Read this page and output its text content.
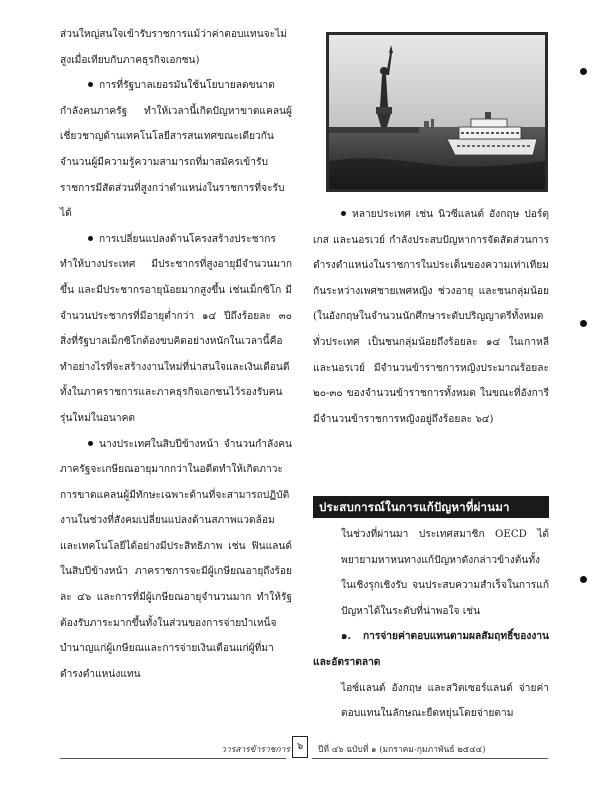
ส่วนใหญ่สนใจเข้ารับราชการแม้ว่าค่าตอบแทนจะไม่สูงเมื่อเทียบกับภาคธุรกิจเอกชน)

การที่รัฐบาลเยอรมันใช้นโยบายลดขนาดกำลังคนภาครัฐ ทำให้เวลานี้เกิดปัญหาขาดแคลนผู้เชี่ยวชาญด้านเทคโนโลยีสารสนเทศขณะเดียวกัน จำนวนผู้มีความรู้ความสามารถที่มาสมัครเข้ารับราชการมีสัดส่วนที่สูงกว่าตำแหน่งในราชการที่จะรับได้

การเปลี่ยนแปลงด้านโครงสร้างประชากรทำให้บางประเทศ มีประชากรที่สูงอายุมีจำนวนมากขึ้น และมีประชากรอายุน้อยมากสูงขึ้น เช่นเม็กซิโก มีจำนวนประชากรที่มีอายุต่ำกว่า ๑๔ ปีถึงร้อยละ ๓๐ สิ่งที่รัฐบาลเม็กซิโกต้องขบคิดอย่างหนักในเวลานี้คือทำอย่างไรที่จะสร้างงานใหม่ที่น่าสนใจและเงินเดือนดีทั้งในภาคราชการและภาคธุรกิจเอกชนไว้รองรับคนรุ่นใหม่ในอนาคต

นางประเทศในสิบปีข้างหน้า จำนวนกำลังคนภาครัฐจะเกษียณอายุมากกว่าในอดีตทำให้เกิดภาวะการขาดแคลนผู้มีทักษะเฉพาะด้านที่จะสามารถปฏิบัติงานในช่วงที่สังคมเปลี่ยนแปลงด้านสภาพแวดล้อมและเทคโนโลยีได้อย่างมีประสิทธิภาพ เช่น ฟินแลนด์ในสิบปีข้างหน้า ภาคราชการจะมีผู้เกษียณอายุถึงร้อยละ ๔๖ และการที่มีผู้เกษียณอายุจำนวนมาก ทำให้รัฐต้องรับภาระมากขึ้นทั้งในส่วนของการจ่ายบำเหน็จบำนาญแก่ผู้เกษียณและการจ่ายเงินเดือนแก่ผู้ที่มาดำรงตำแหน่งแทน

หลายประเทศ เช่น นิวซีแลนด์ อังกฤษ ปอร์ตุเกส และนอรเวย์ กำลังประสบปัญหาการจัดสัดส่วนการดำรงตำแหน่งในราชการในประเด็นของความเท่าเทียมกันระหว่างเพศชายเพศหญิง ช่วงอายุ และชนกลุ่มน้อย (ในอังกฤษในจำนวนนักศึกษาระดับปริญญาตรีทั้งหมดทั่วประเทศ เป็นชนกลุ่มน้อยถึงร้อยละ ๑๔ ในเกาหลีและนอรเวย์ มีจำนวนข้าราชการหญิงประมาณร้อยละ ๒๐-๓๐ ของจำนวนข้าราชการทั้งหมด ในขณะที่อังการี มีจำนวนข้าราชการหญิงอยู่ถึงร้อยละ ๖๔)

ประสบการณ์ในการแก้ปัญหาที่ผ่านมา

ในช่วงที่ผ่านมา ประเทศสมาชิก OECD ได้พยายามหาหนทางแก้ปัญหาดังกล่าวข้างต้นทั้งในเชิงรุกเชิงรับ จนประสบความสำเร็จในการแก้ปัญหาได้ในระดับที่น่าพอใจ เช่น

๑. การจ่ายค่าตอบแทนตามผลสัมฤทธิ์ของงานและอัตราตลาด

ไอซ์แลนด์ อังกฤษ และสวิตเซอร์แลนด์ จ่ายค่าตอบแทนในลักษณะยืดหยุ่นโดยจ่ายตาม

วารสารข้าราชการ ๖	ปีที่ ๔๖ ฉบับที่ ๑ (มกราคม-กุมภาพันธ์ ๒๕๔๔)
